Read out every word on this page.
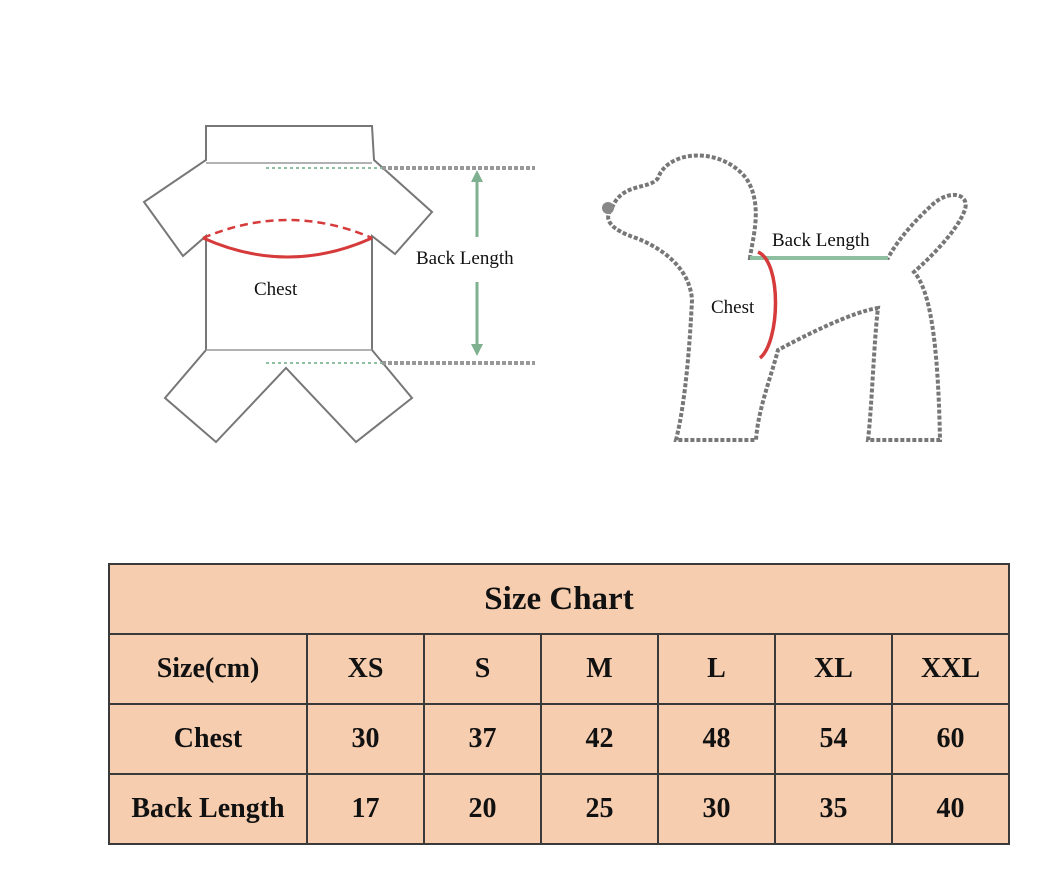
Chest
Back Length
Back Length
Chest
Size Chart						
Size(cm)	XS	S	M	L	XL	XXL
Chest	30	37	42	48	54	60
Back Length	17	20	25	30	35	40
